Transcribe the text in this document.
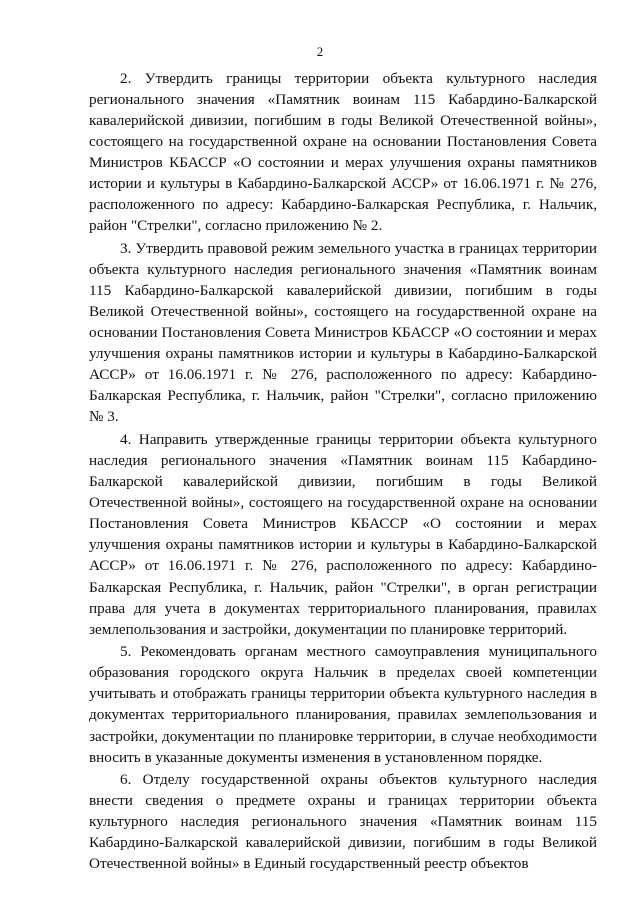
2

2. Утвердить границы территории объекта культурного наследия регионального значения «Памятник воинам 115 Кабардино-Балкарской кавалерийской дивизии, погибшим в годы Великой Отечественной войны», состоящего на государственной охране на основании Постановления Совета Министров КБАССР «О состоянии и мерах улучшения охраны памятников истории и культуры в Кабардино-Балкарской АССР» от 16.06.1971 г. № 276, расположенного по адресу: Кабардино-Балкарская Республика, г. Нальчик, район "Стрелки", согласно приложению № 2.

3. Утвердить правовой режим земельного участка в границах территории объекта культурного наследия регионального значения «Памятник воинам 115 Кабардино-Балкарской кавалерийской дивизии, погибшим в годы Великой Отечественной войны», состоящего на государственной охране на основании Постановления Совета Министров КБАССР «О состоянии и мерах улучшения охраны памятников истории и культуры в Кабардино-Балкарской АССР» от 16.06.1971 г. № 276, расположенного по адресу: Кабардино-Балкарская Республика, г. Нальчик, район "Стрелки", согласно приложению № 3.

4. Направить утвержденные границы территории объекта культурного наследия регионального значения «Памятник воинам 115 Кабардино-Балкарской кавалерийской дивизии, погибшим в годы Великой Отечественной войны», состоящего на государственной охране на основании Постановления Совета Министров КБАССР «О состоянии и мерах улучшения охраны памятников истории и культуры в Кабардино-Балкарской АССР» от 16.06.1971 г. № 276, расположенного по адресу: Кабардино-Балкарская Республика, г. Нальчик, район "Стрелки", в орган регистрации права для учета в документах территориального планирования, правилах землепользования и застройки, документации по планировке территорий.

5. Рекомендовать органам местного самоуправления муниципального образования городского округа Нальчик в пределах своей компетенции учитывать и отображать границы территории объекта культурного наследия в документах территориального планирования, правилах землепользования и застройки, документации по планировке территории, в случае необходимости вносить в указанные документы изменения в установленном порядке.

6. Отделу государственной охраны объектов культурного наследия внести сведения о предмете охраны и границах территории объекта культурного наследия регионального значения «Памятник воинам 115 Кабардино-Балкарской кавалерийской дивизии, погибшим в годы Великой Отечественной войны» в Единый государственный реестр объектов
